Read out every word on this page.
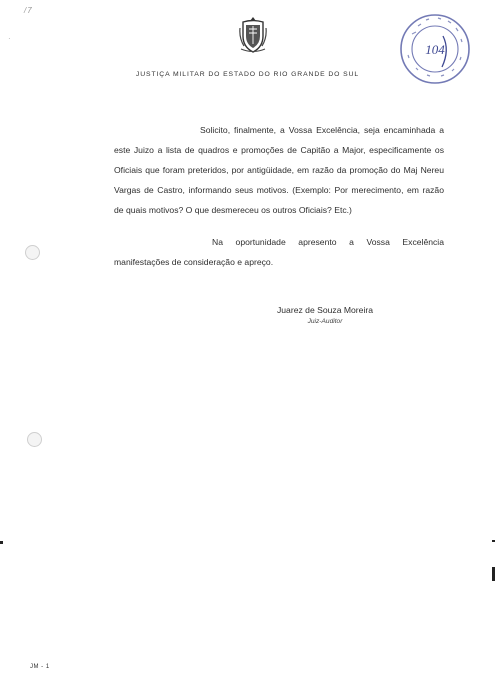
/7
·
JUSTIÇA MILITAR DO ESTADO DO RIO GRANDE DO SUL
104

Solicito, finalmente, a Vossa Excelência, seja encaminhada a este Juizo a lista de quadros e promoções de Capitão a Major, especificamente os Oficiais que foram preteridos, por antigüidade, em razão da promoção do Maj Nereu Vargas de Castro, informando seus motivos. (Exemplo: Por merecimento, em razão de quais motivos? O que desmereceu os outros Oficiais? Etc.)

Na oportunidade apresento a Vossa Excelência manifestações de consideração e apreço.

Juarez de Souza Moreira
Juiz-Auditor
JM - 1
